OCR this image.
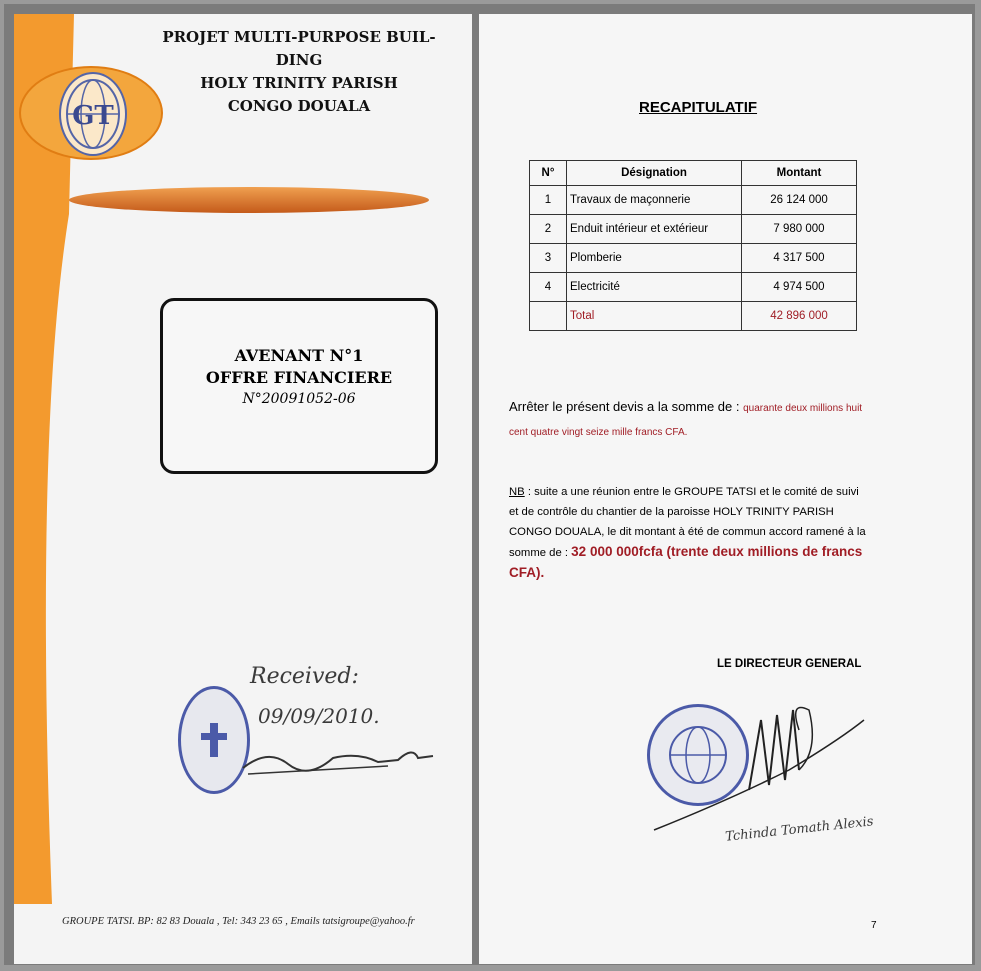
GT
PROJET MULTI-PURPOSE BUIL-
DING
HOLY TRINITY PARISH
CONGO DOUALA
AVENANT N°1
OFFRE FINANCIERE
N°20091052-06
Received:
09/09/2010.
GROUPE TATSI. BP: 82 83 Douala , Tel: 343 23 65 , Emails tatsigroupe@yahoo.fr
RECAPITULATIF
N°	Désignation	Montant
1	Travaux de maçonnerie	26 124 000
2	Enduit intérieur et extérieur	7 980 000
3	Plomberie	4 317 500
4	Electricité	4 974 500
	Total	42 896 000
Arrêter le présent devis a la somme de : quarante deux millions huit
cent quatre vingt seize mille francs CFA.
NB : suite a une réunion entre le GROUPE TATSI et le comité de suivi et de contrôle du chantier de la paroisse HOLY TRINITY PARISH CONGO DOUALA, le dit montant à été de commun accord ramené à la somme de : 32 000 000fcfa (trente deux millions de francs CFA).
LE DIRECTEUR GENERAL
Tchinda Tomath Alexis
7
